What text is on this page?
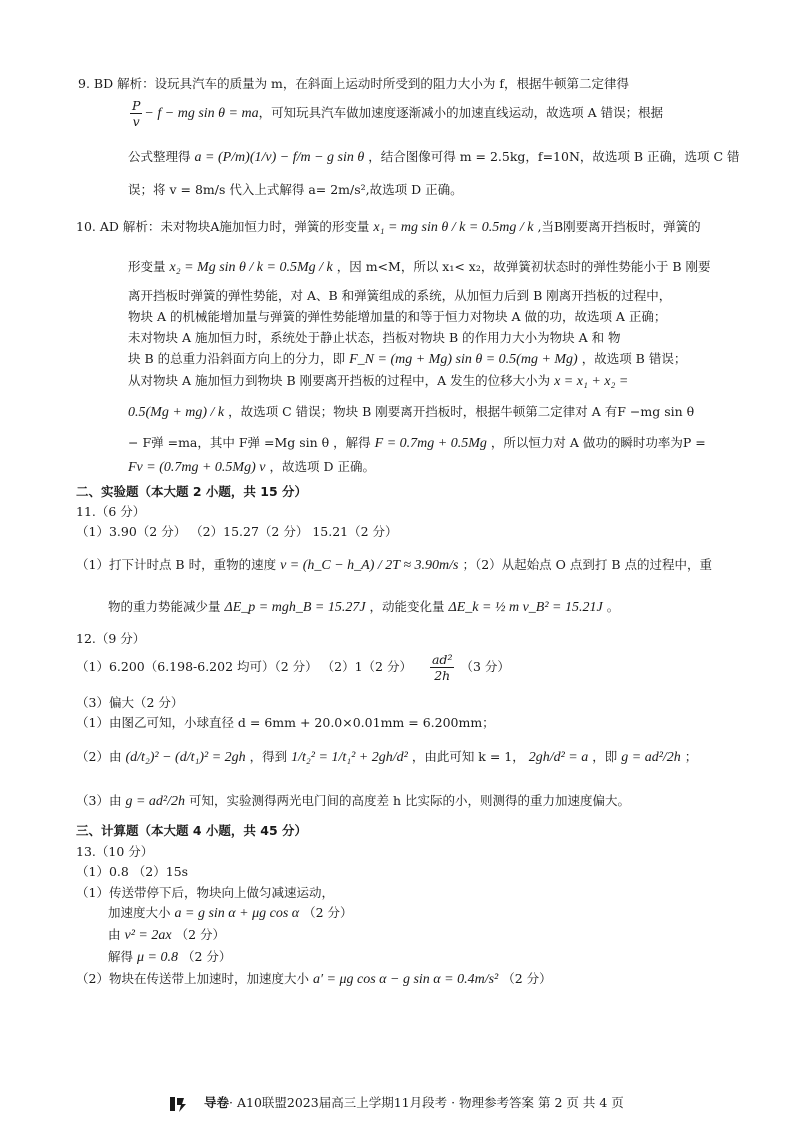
9. BD 解析：设玩具汽车的质量为 m，在斜面上运动时所受到的阻力大小为 f，根据牛顿第二定律得
$\frac{P}{v} - f$ − mg sin θ = ma，可知玩具汽车做加速度逐渐减小的加速直线运动，故选项 A 错误；根据
公式整理得 a = (P/m)(1/v) − f/m − g sin θ ，结合图像可得 m = 2.5kg，f=10N，故选项 B 正确，选项 C 错
误；将 v = 8m/s 代入上式解得 a= 2m/s²,故选项 D 正确。
10. AD 解析：未对物块A施加恒力时，弹簧的形变量 x₁ = mg sin θ / k = 0.5mg / k ,当B刚要离开挡板时，弹簧的
形变量 x₂ = Mg sin θ / k = 0.5Mg / k ，因 m<M，所以 x₁< x₂，故弹簧初状态时的弹性势能小于 B 刚要
离开挡板时弹簧的弹性势能，对 A、B 和弹簧组成的系统，从加恒力后到 B 刚离开挡板的过程中，
物块 A 的机械能增加量与弹簧的弹性势能增加量的和等于恒力对物块 A 做的功，故选项 A 正确；
未对物块 A 施加恒力时，系统处于静止状态，挡板对物块 B 的作用力大小为物块 A 和 物
块 B 的总重力沿斜面方向上的分力，即 F_N = (mg + Mg) sin θ = 0.5(mg + Mg) ，故选项 B 错误；
从对物块 A 施加恒力到物块 B 刚要离开挡板的过程中，A 发生的位移大小为 x = x₁ + x₂ =
0.5(Mg + mg) / k ，故选项 C 错误；物块 B 刚要离开挡板时，根据牛顿第二定律对 A 有F −mg sin θ
− F弹 =ma，其中 F弹 =Mg sin θ ，解得 F = 0.7mg + 0.5Mg ，所以恒力对 A 做功的瞬时功率为P =
Fv = (0.7mg + 0.5Mg) v ，故选项 D 正确。
二、实验题（本大题 2 小题，共 15 分）
11.（6 分）
（1）3.90（2 分） （2）15.27（2 分） 15.21（2 分）
（1）打下计时点 B 时，重物的速度 v = (h_C − h_A) / 2T ≈ 3.90m/s ；（2）从起始点 O 点到打 B 点的过程中，重
物的重力势能减少量 ΔE_p = mgh_B = 15.27J ，动能变化量 ΔE_k = ½ m v_B² = 15.21J 。
12.（9 分）
（1）6.200（6.198-6.202 均可）（2 分） （2）1（2 分） $\frac{\text{ad²}}{2h} (3$ 分）
（3）偏大（2 分）
（1）由图乙可知，小球直径 d = 6mm + 20.0×0.01mm = 6.200mm；
（2）由 (d/t₂)² − (d/t₁)² = 2gh ，得到 1/t₂² = 1/t₁² + 2gh/d² ，由此可知 k = 1， 2gh/d² = a ，即 g = ad²/2h ；
（3）由 g = ad²/2h 可知，实验测得两光电门间的高度差 h 比实际的小，则测得的重力加速度偏大。
三、计算题（本大题 4 小题，共 45 分）
13.（10 分）
（1）0.8 （2）15s
（1）传送带停下后，物块向上做匀减速运动，
加速度大小 a = g sin α + μg cos α （2 分）
由 v² = 2ax （2 分）
解得 μ = 0.8 （2 分）
（2）物块在传送带上加速时，加速度大小 a′ = μg cos α − g sin α = 0.4m/s² （2 分）
导卷· A10联盟2023届高三上学期11月段考 · 物理参考答案 第 2 页 共 4 页
